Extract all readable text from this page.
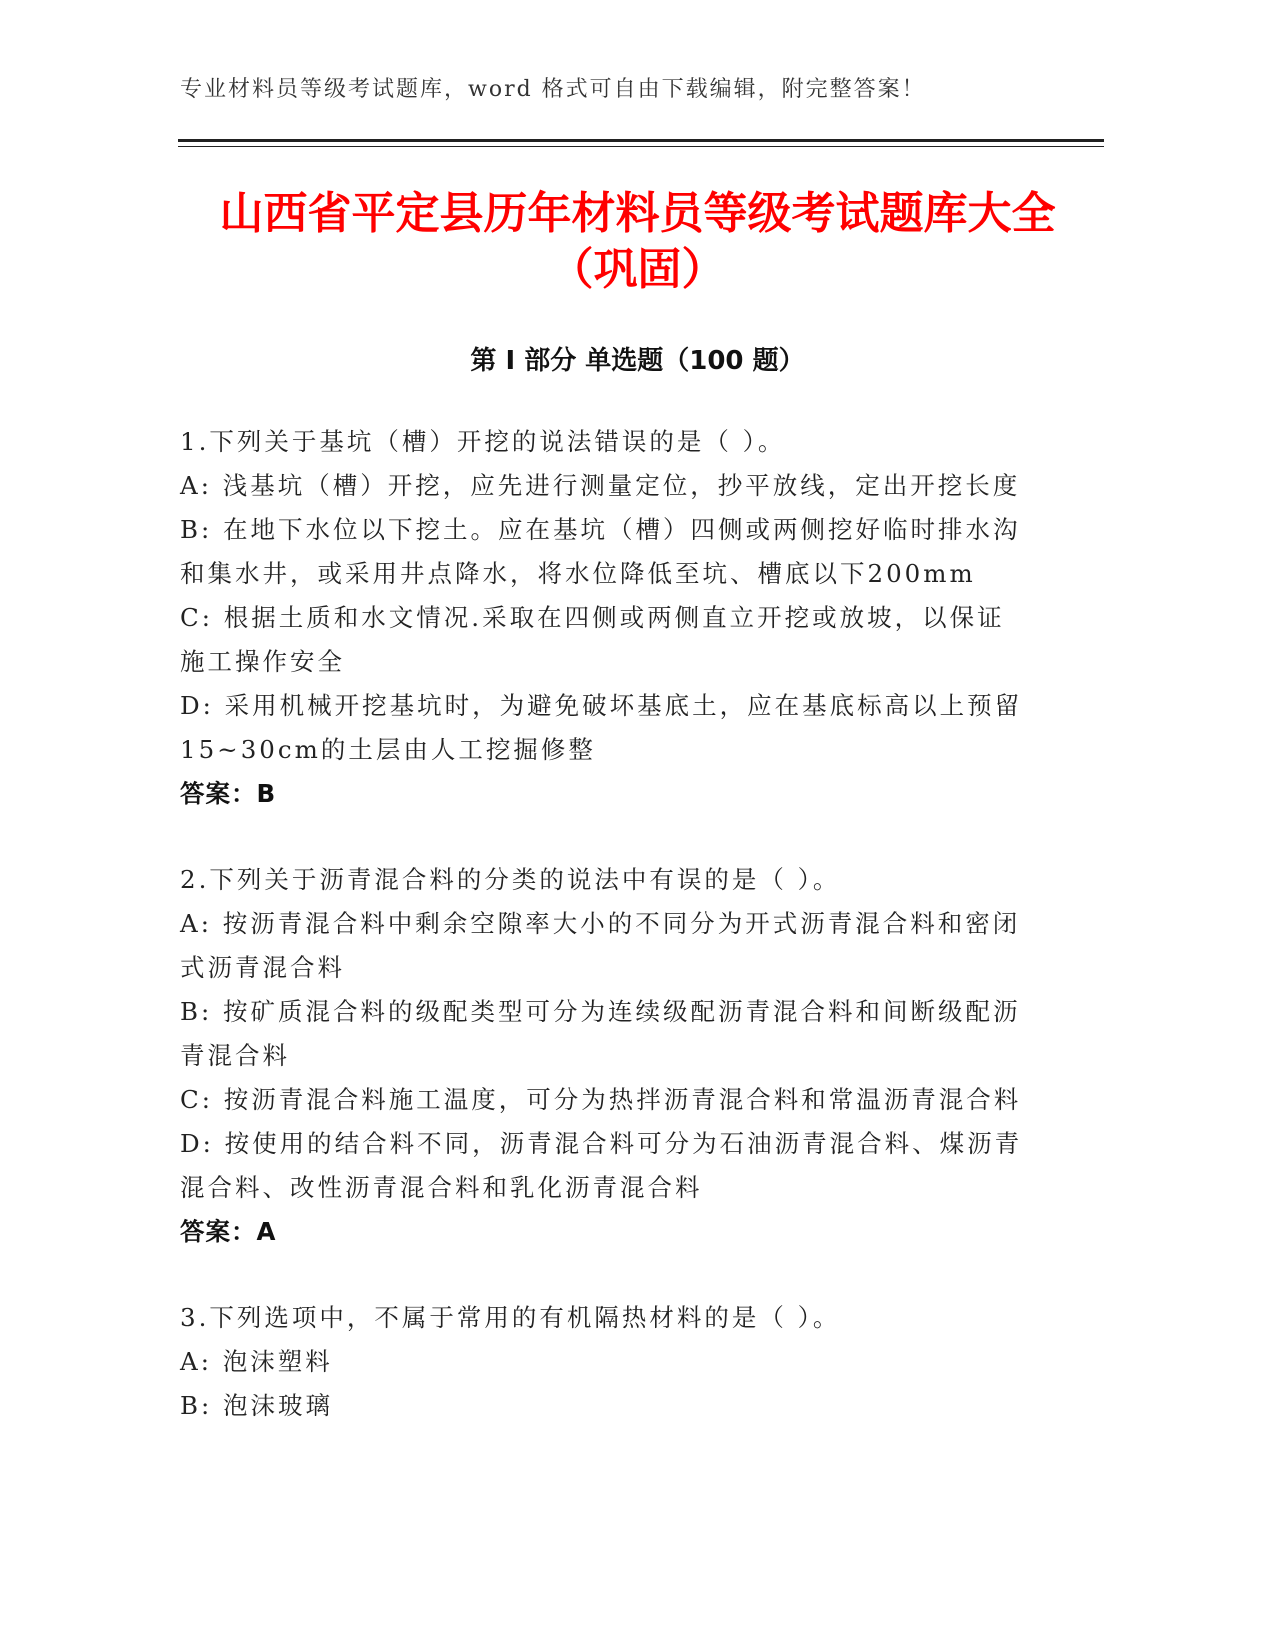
专业材料员等级考试题库，word 格式可自由下载编辑，附完整答案！
山西省平定县历年材料员等级考试题库大全
（巩固）
第 I 部分 单选题（100 题）

1.下列关于基坑（槽）开挖的说法错误的是（ ）。

A: 浅基坑（槽）开挖，应先进行测量定位，抄平放线，定出开挖长度

B: 在地下水位以下挖土。应在基坑（槽）四侧或两侧挖好临时排水沟和集水井，或采用井点降水，将水位降低至坑、槽底以下200mm

C: 根据土质和水文情况.采取在四侧或两侧直立开挖或放坡，以保证施工操作安全

D: 采用机械开挖基坑时，为避免破坏基底土，应在基底标高以上预留15~30cm的土层由人工挖掘修整

答案：B

2.下列关于沥青混合料的分类的说法中有误的是（ ）。

A: 按沥青混合料中剩余空隙率大小的不同分为开式沥青混合料和密闭式沥青混合料

B: 按矿质混合料的级配类型可分为连续级配沥青混合料和间断级配沥青混合料

C: 按沥青混合料施工温度，可分为热拌沥青混合料和常温沥青混合料

D: 按使用的结合料不同，沥青混合料可分为石油沥青混合料、煤沥青混合料、改性沥青混合料和乳化沥青混合料

答案：A

3.下列选项中，不属于常用的有机隔热材料的是（ ）。

A: 泡沫塑料

B: 泡沫玻璃
